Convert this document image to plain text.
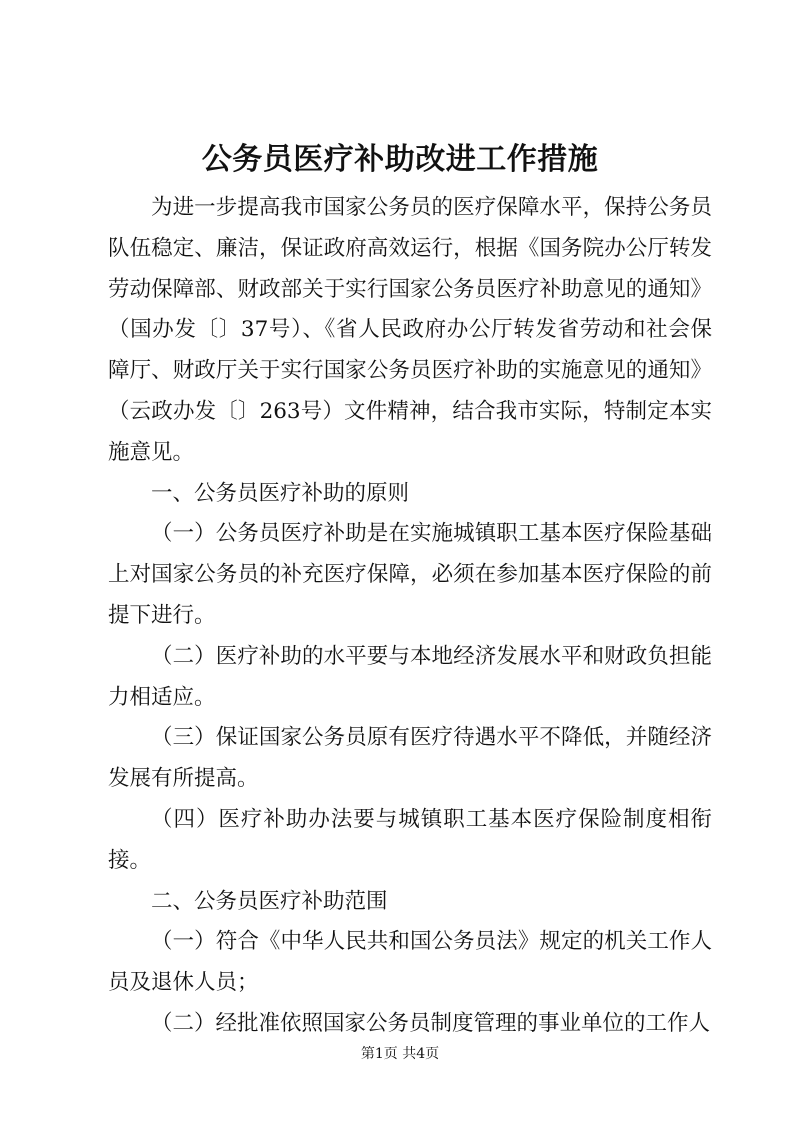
公务员医疗补助改进工作措施

为进一步提高我市国家公务员的医疗保障水平，保持公务员队伍稳定、廉洁，保证政府高效运行，根据《国务院办公厅转发劳动保障部、财政部关于实行国家公务员医疗补助意见的通知》（国办发〔〕37号）、《省人民政府办公厅转发省劳动和社会保障厅、财政厅关于实行国家公务员医疗补助的实施意见的通知》（云政办发〔〕263号）文件精神，结合我市实际，特制定本实施意见。

一、公务员医疗补助的原则

（一）公务员医疗补助是在实施城镇职工基本医疗保险基础上对国家公务员的补充医疗保障，必须在参加基本医疗保险的前提下进行。

（二）医疗补助的水平要与本地经济发展水平和财政负担能力相适应。

（三）保证国家公务员原有医疗待遇水平不降低，并随经济发展有所提高。

（四）医疗补助办法要与城镇职工基本医疗保险制度相衔接。

二、公务员医疗补助范围

（一）符合《中华人民共和国公务员法》规定的机关工作人员及退休人员；

（二）经批准依照国家公务员制度管理的事业单位的工作人

第1页 共4页
